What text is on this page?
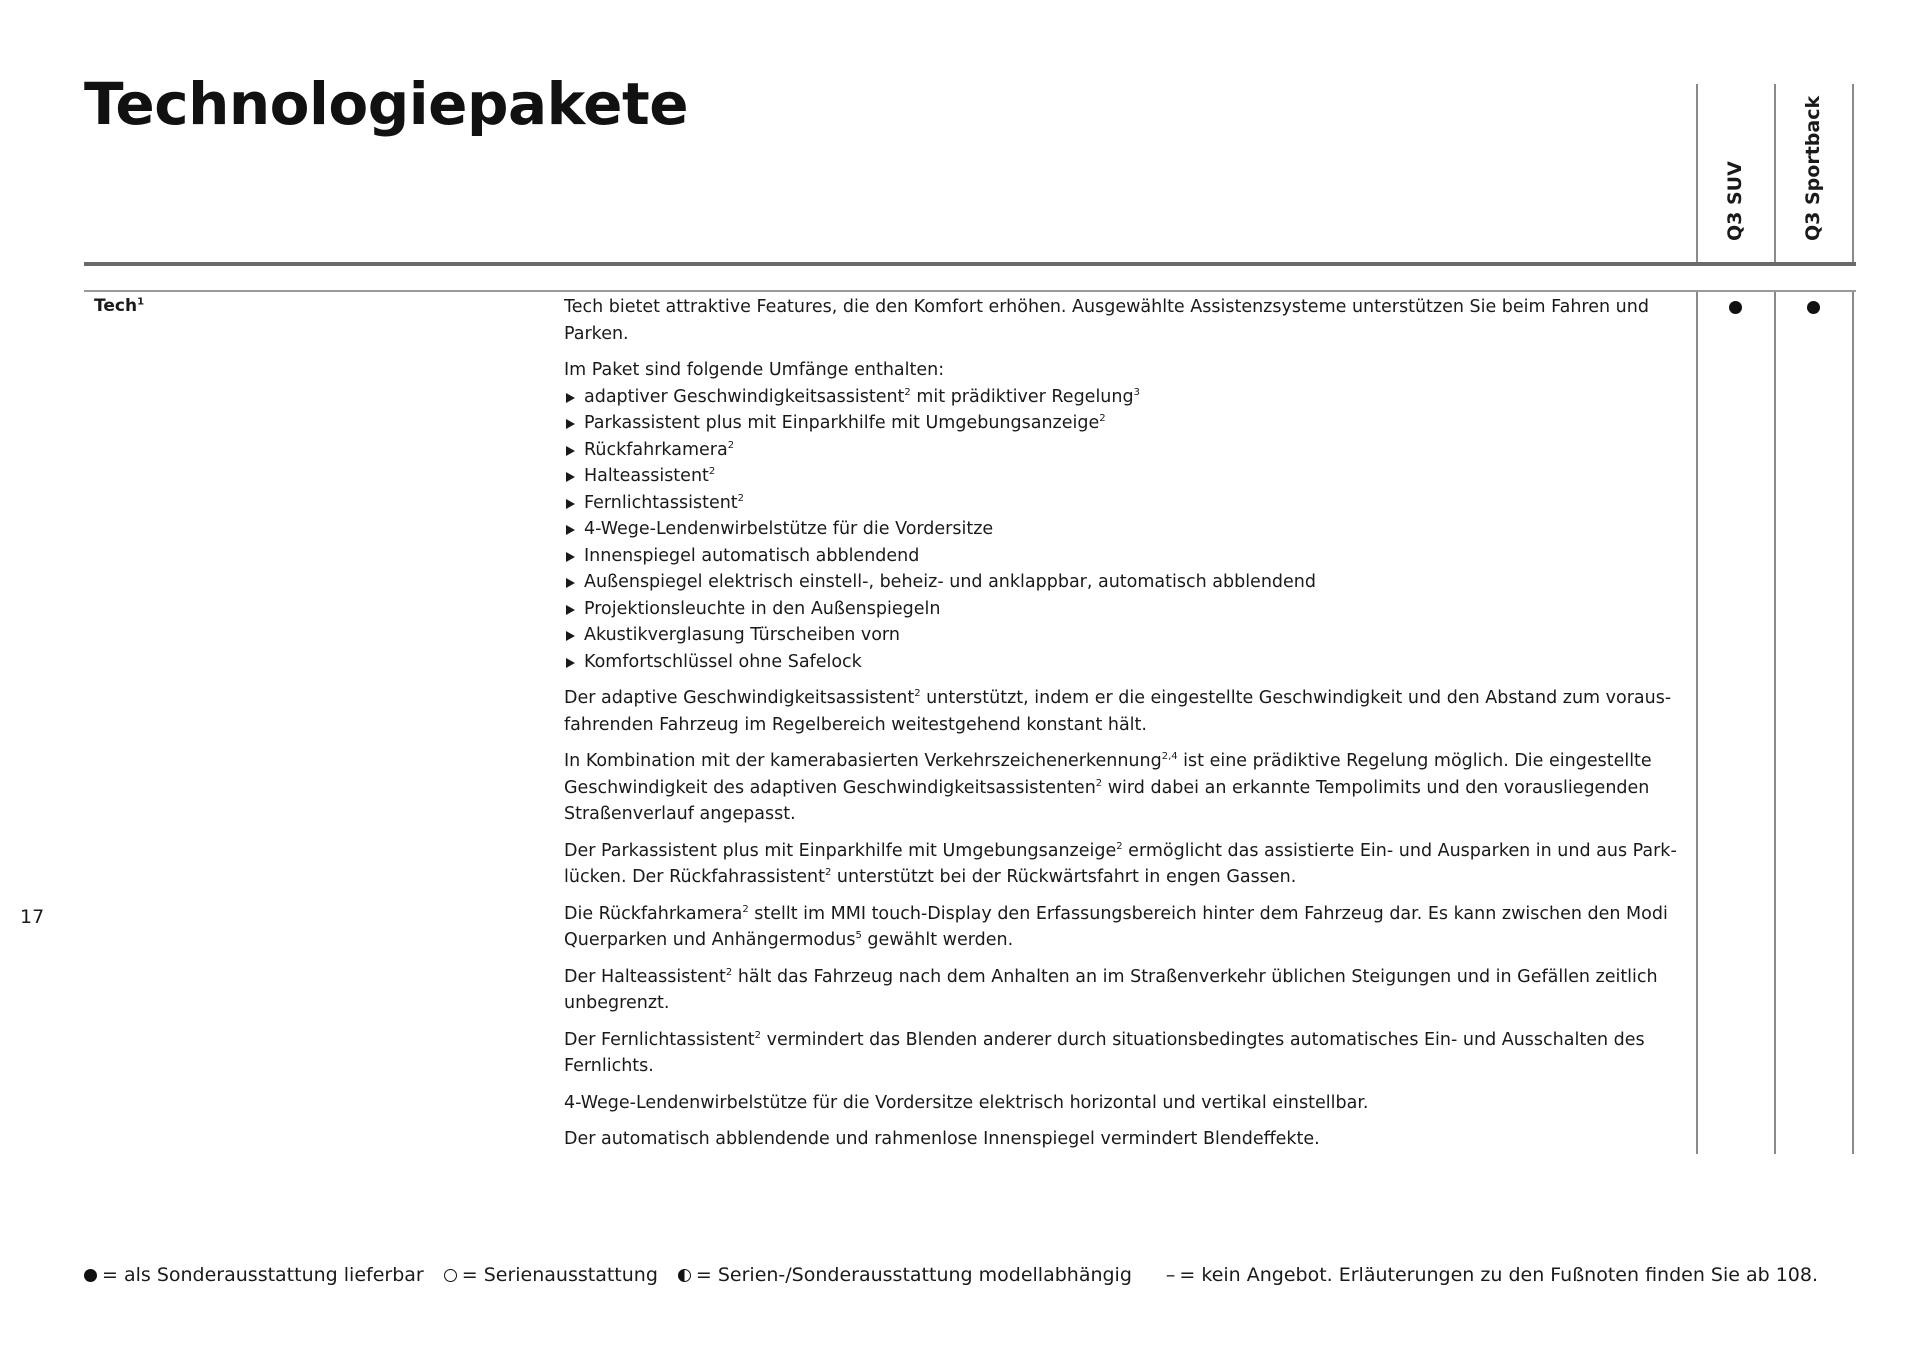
Technologiepakete
Q3 SUV	Q3 Sportback
Tech$^1$	Tech bietet attraktive Features, die den Komfort erhöhen. Ausgewählte Assistenzsysteme unterstützen Sie beim Fahren und Parken.

Im Paket sind folgende Umfänge enthalten:

adaptiver Geschwindigkeitsassistent$^2$ mit prädiktiver Regelung$^3$
Parkassistent plus mit Einparkhilfe mit Umgebungsanzeige$^2$
Rückfahrkamera$^2$
Halteassistent$^2$
Fernlichtassistent$^2$
4-Wege-Lendenwirbelstütze für die Vordersitze
Innenspiegel automatisch abblendend
Außenspiegel elektrisch einstell-, beheiz- und anklappbar, automatisch abblendend
Projektionsleuchte in den Außenspiegeln
Akustikverglasung Türscheiben vorn
Komfortschlüssel ohne Safelock

Der adaptive Geschwindigkeitsassistent$^2$ unterstützt, indem er die eingestellte Geschwindigkeit und den Abstand zum vorausfahrenden Fahrzeug im Regelbereich weitestgehend konstant hält.

In Kombination mit der kamerabasierten Verkehrszeichenerkennung$^{2,4}$ ist eine prädiktive Regelung möglich. Die eingestellte Geschwindigkeit des adaptiven Geschwindigkeitsassistenten$^2$ wird dabei an erkannte Tempolimits und den vorausliegenden Straßenverlauf angepasst.

Der Parkassistent plus mit Einparkhilfe mit Umgebungsanzeige$^2$ ermöglicht das assistierte Ein- und Ausparken in und aus Parklücken. Der Rückfahrassistent$^2$ unterstützt bei der Rückwärtsfahrt in engen Gassen.

Die Rückfahrkamera$^2$ stellt im MMI touch-Display den Erfassungsbereich hinter dem Fahrzeug dar. Es kann zwischen den Modi Querparken und Anhängermodus$^5$ gewählt werden.

Der Halteassistent$^2$ hält das Fahrzeug nach dem Anhalten an im Straßenverkehr üblichen Steigungen und in Gefällen zeitlich unbegrenzt.

Der Fernlichtassistent$^2$ vermindert das Blenden anderer durch situationsbedingtes automatisches Ein- und Ausschalten des Fernlichts.

4-Wege-Lendenwirbelstütze für die Vordersitze elektrisch horizontal und vertikal einstellbar.

Der automatisch abblendende und rahmenlose Innenspiegel vermindert Blendeffekte.

17
= als Sonderausstattung lieferbar = Serienausstattung = Serien-/Sonderausstattung modellabhängig – = kein Angebot. Erläuterungen zu den Fußnoten finden Sie ab 108.
